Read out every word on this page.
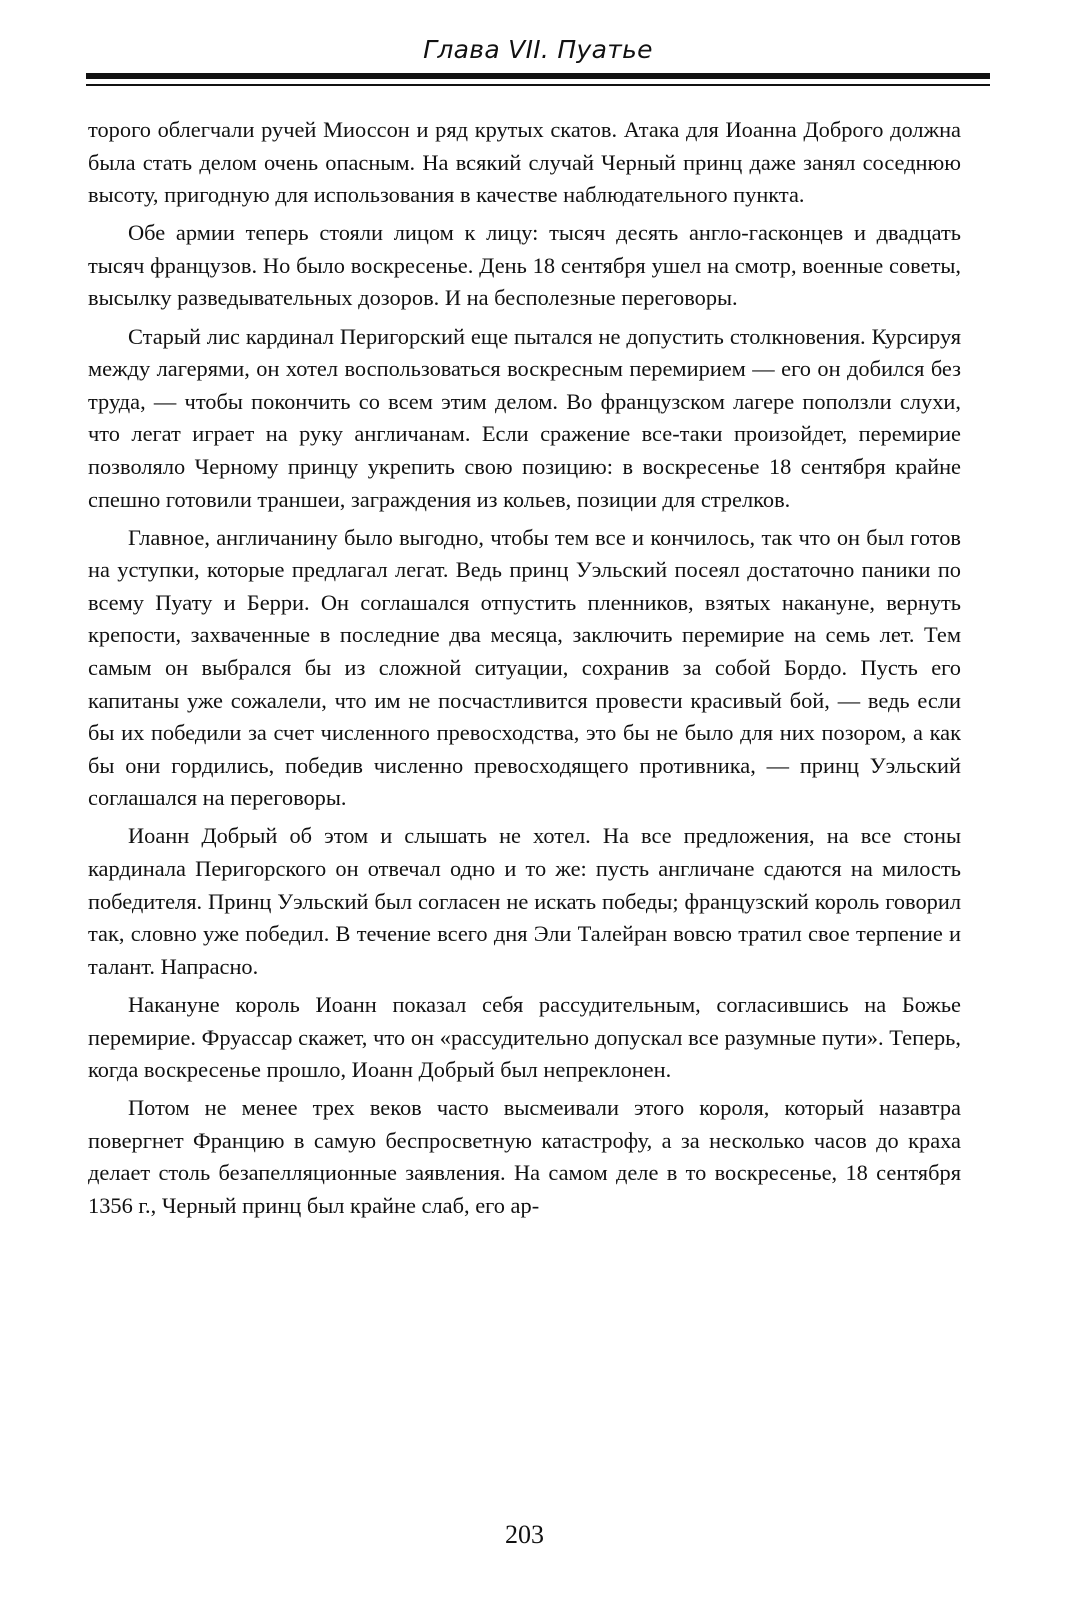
Глава VII. Пуатье

торого облегчали ручей Миоссон и ряд крутых скатов. Атака для Иоанна Доброго должна была стать делом очень опасным. На всякий случай Черный принц даже занял соседнюю высоту, пригодную для использования в качестве наблюдательного пункта.

Обе армии теперь стояли лицом к лицу: тысяч десять англо-гасконцев и двадцать тысяч французов. Но было воскресенье. День 18 сентября ушел на смотр, военные советы, высылку разведывательных дозоров. И на бесполезные переговоры.

Старый лис кардинал Перигорский еще пытался не допустить столкновения. Курсируя между лагерями, он хотел воспользоваться воскресным перемирием — его он добился без труда, — чтобы покончить со всем этим делом. Во французском лагере поползли слухи, что легат играет на руку англичанам. Если сражение все-таки произойдет, перемирие позволяло Черному принцу укрепить свою позицию: в воскресенье 18 сентября крайне спешно готовили траншеи, заграждения из кольев, позиции для стрелков.

Главное, англичанину было выгодно, чтобы тем все и кончилось, так что он был готов на уступки, которые предлагал легат. Ведь принц Уэльский посеял достаточно паники по всему Пуату и Берри. Он соглашался отпустить пленников, взятых накануне, вернуть крепости, захваченные в последние два месяца, заключить перемирие на семь лет. Тем самым он выбрался бы из сложной ситуации, сохранив за собой Бордо. Пусть его капитаны уже сожалели, что им не посчастливится провести красивый бой, — ведь если бы их победили за счет численного превосходства, это бы не было для них позором, а как бы они гордились, победив численно превосходящего противника, — принц Уэльский соглашался на переговоры.

Иоанн Добрый об этом и слышать не хотел. На все предложения, на все стоны кардинала Перигорского он отвечал одно и то же: пусть англичане сдаются на милость победителя. Принц Уэльский был согласен не искать победы; французский король говорил так, словно уже победил. В течение всего дня Эли Талейран вовсю тратил свое терпение и талант. Напрасно.

Накануне король Иоанн показал себя рассудительным, согласившись на Божье перемирие. Фруассар скажет, что он «рассудительно допускал все разумные пути». Теперь, когда воскресенье прошло, Иоанн Добрый был непреклонен.

Потом не менее трех веков часто высмеивали этого короля, который назавтра повергнет Францию в самую беспросветную катастрофу, а за несколько часов до краха делает столь безапелляционные заявления. На самом деле в то воскресенье, 18 сентября 1356 г., Черный принц был крайне слаб, его ар-

203
